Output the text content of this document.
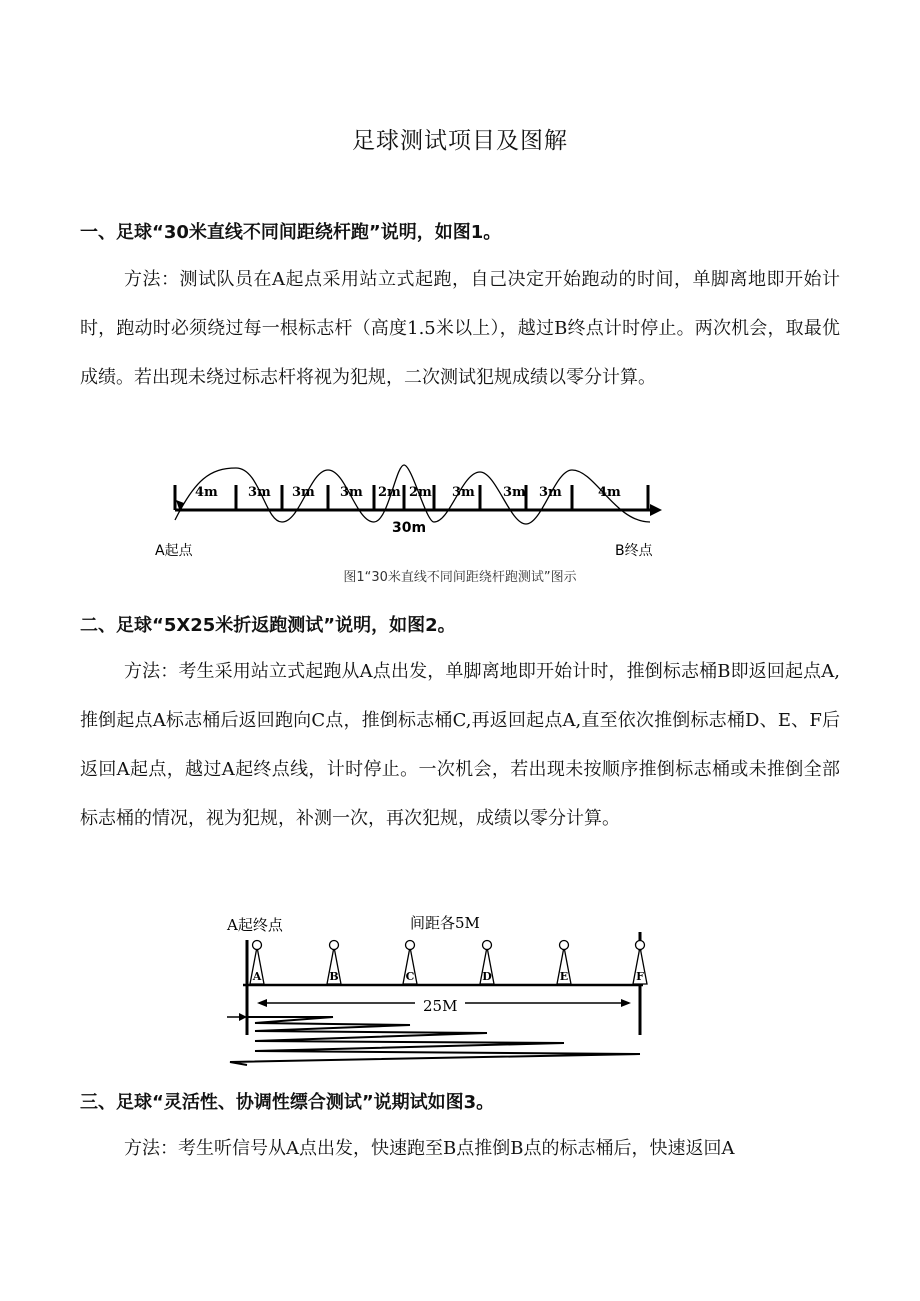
足球测试项目及图解
一、足球“30米直线不同间距绕杆跑”说明，如图1。
方法：测试队员在A起点采用站立式起跑，自己决定开始跑动的时间，单脚离地即开始计时，跑动时必须绕过每一根标志杆（高度1.5米以上），越过B终点计时停止。两次机会，取最优成绩。若出现未绕过标志杆将视为犯规，二次测试犯规成绩以零分计算。
4m 3m 3m 3m 2m 2m 3m 3m 3m	4m
30m
A起点	B终点
图1“30米直线不同间距绕杆跑测试”图示
二、足球“5X25米折返跑测试”说明，如图2。
方法：考生采用站立式起跑从A点出发，单脚离地即开始计时，推倒标志桶B即返回起点A,推倒起点A标志桶后返回跑向C点，推倒标志桶C,再返回起点A,直至依次推倒标志桶D、E、F后返回A起点，越过A起终点线，计时停止。一次机会，若出现未按顺序推倒标志桶或未推倒全部标志桶的情况，视为犯规，补测一次，再次犯规，成绩以零分计算。
A起终点	间距各5M
A	B	C	D	E	F
25M
三、足球“灵活性、协调性缥合测试”说期试如图3。
方法：考生听信号从A点出发，快速跑至B点推倒B点的标志桶后，快速返回A
